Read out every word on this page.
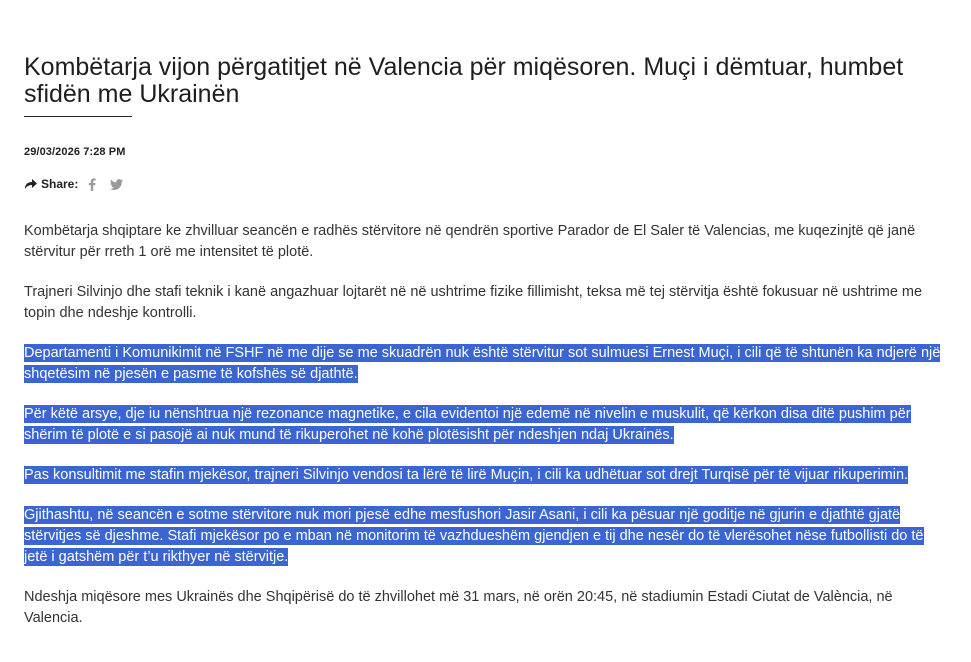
Kombëtarja vijon përgatitjet në Valencia për miqësoren. Muçi i dëmtuar, humbet sfidën me Ukrainën
29/03/2026 7:28 PM
Share:

Kombëtarja shqiptare ke zhvilluar seancën e radhës stërvitore në qendrën sportive Parador de El Saler të Valencias, me kuqezinjtë që janë stërvitur për rreth 1 orë me intensitet të plotë.

Trajneri Silvinjo dhe stafi teknik i kanë angazhuar lojtarët në në ushtrime fizike fillimisht, teksa më tej stërvitja është fokusuar në ushtrime me topin dhe ndeshje kontrolli.

Departamenti i Komunikimit në FSHF në me dije se me skuadrën nuk është stërvitur sot sulmuesi Ernest Muçi, i cili që të shtunën ka ndjerë një shqetësim në pjesën e pasme të kofshës së djathtë.

Për këtë arsye, dje iu nënshtrua një rezonance magnetike, e cila evidentoi një edemë në nivelin e muskulit, që kërkon disa ditë pushim për shërim të plotë e si pasojë ai nuk mund të rikuperohet në kohë plotësisht për ndeshjen ndaj Ukrainës.

Pas konsultimit me stafin mjekësor, trajneri Silvinjo vendosi ta lërë të lirë Muçin, i cili ka udhëtuar sot drejt Turqisë për të vijuar rikuperimin.

Gjithashtu, në seancën e sotme stërvitore nuk mori pjesë edhe mesfushori Jasir Asani, i cili ka pësuar një goditje në gjurin e djathtë gjatë stërvitjes së djeshme. Stafi mjekësor po e mban në monitorim të vazhdueshëm gjendjen e tij dhe nesër do të vlerësohet nëse futbollisti do të jetë i gatshëm për t’u rikthyer në stërvitje.

Ndeshja miqësore mes Ukrainës dhe Shqipërisë do të zhvillohet më 31 mars, në orën 20:45, në stadiumin Estadi Ciutat de València, në Valencia.
